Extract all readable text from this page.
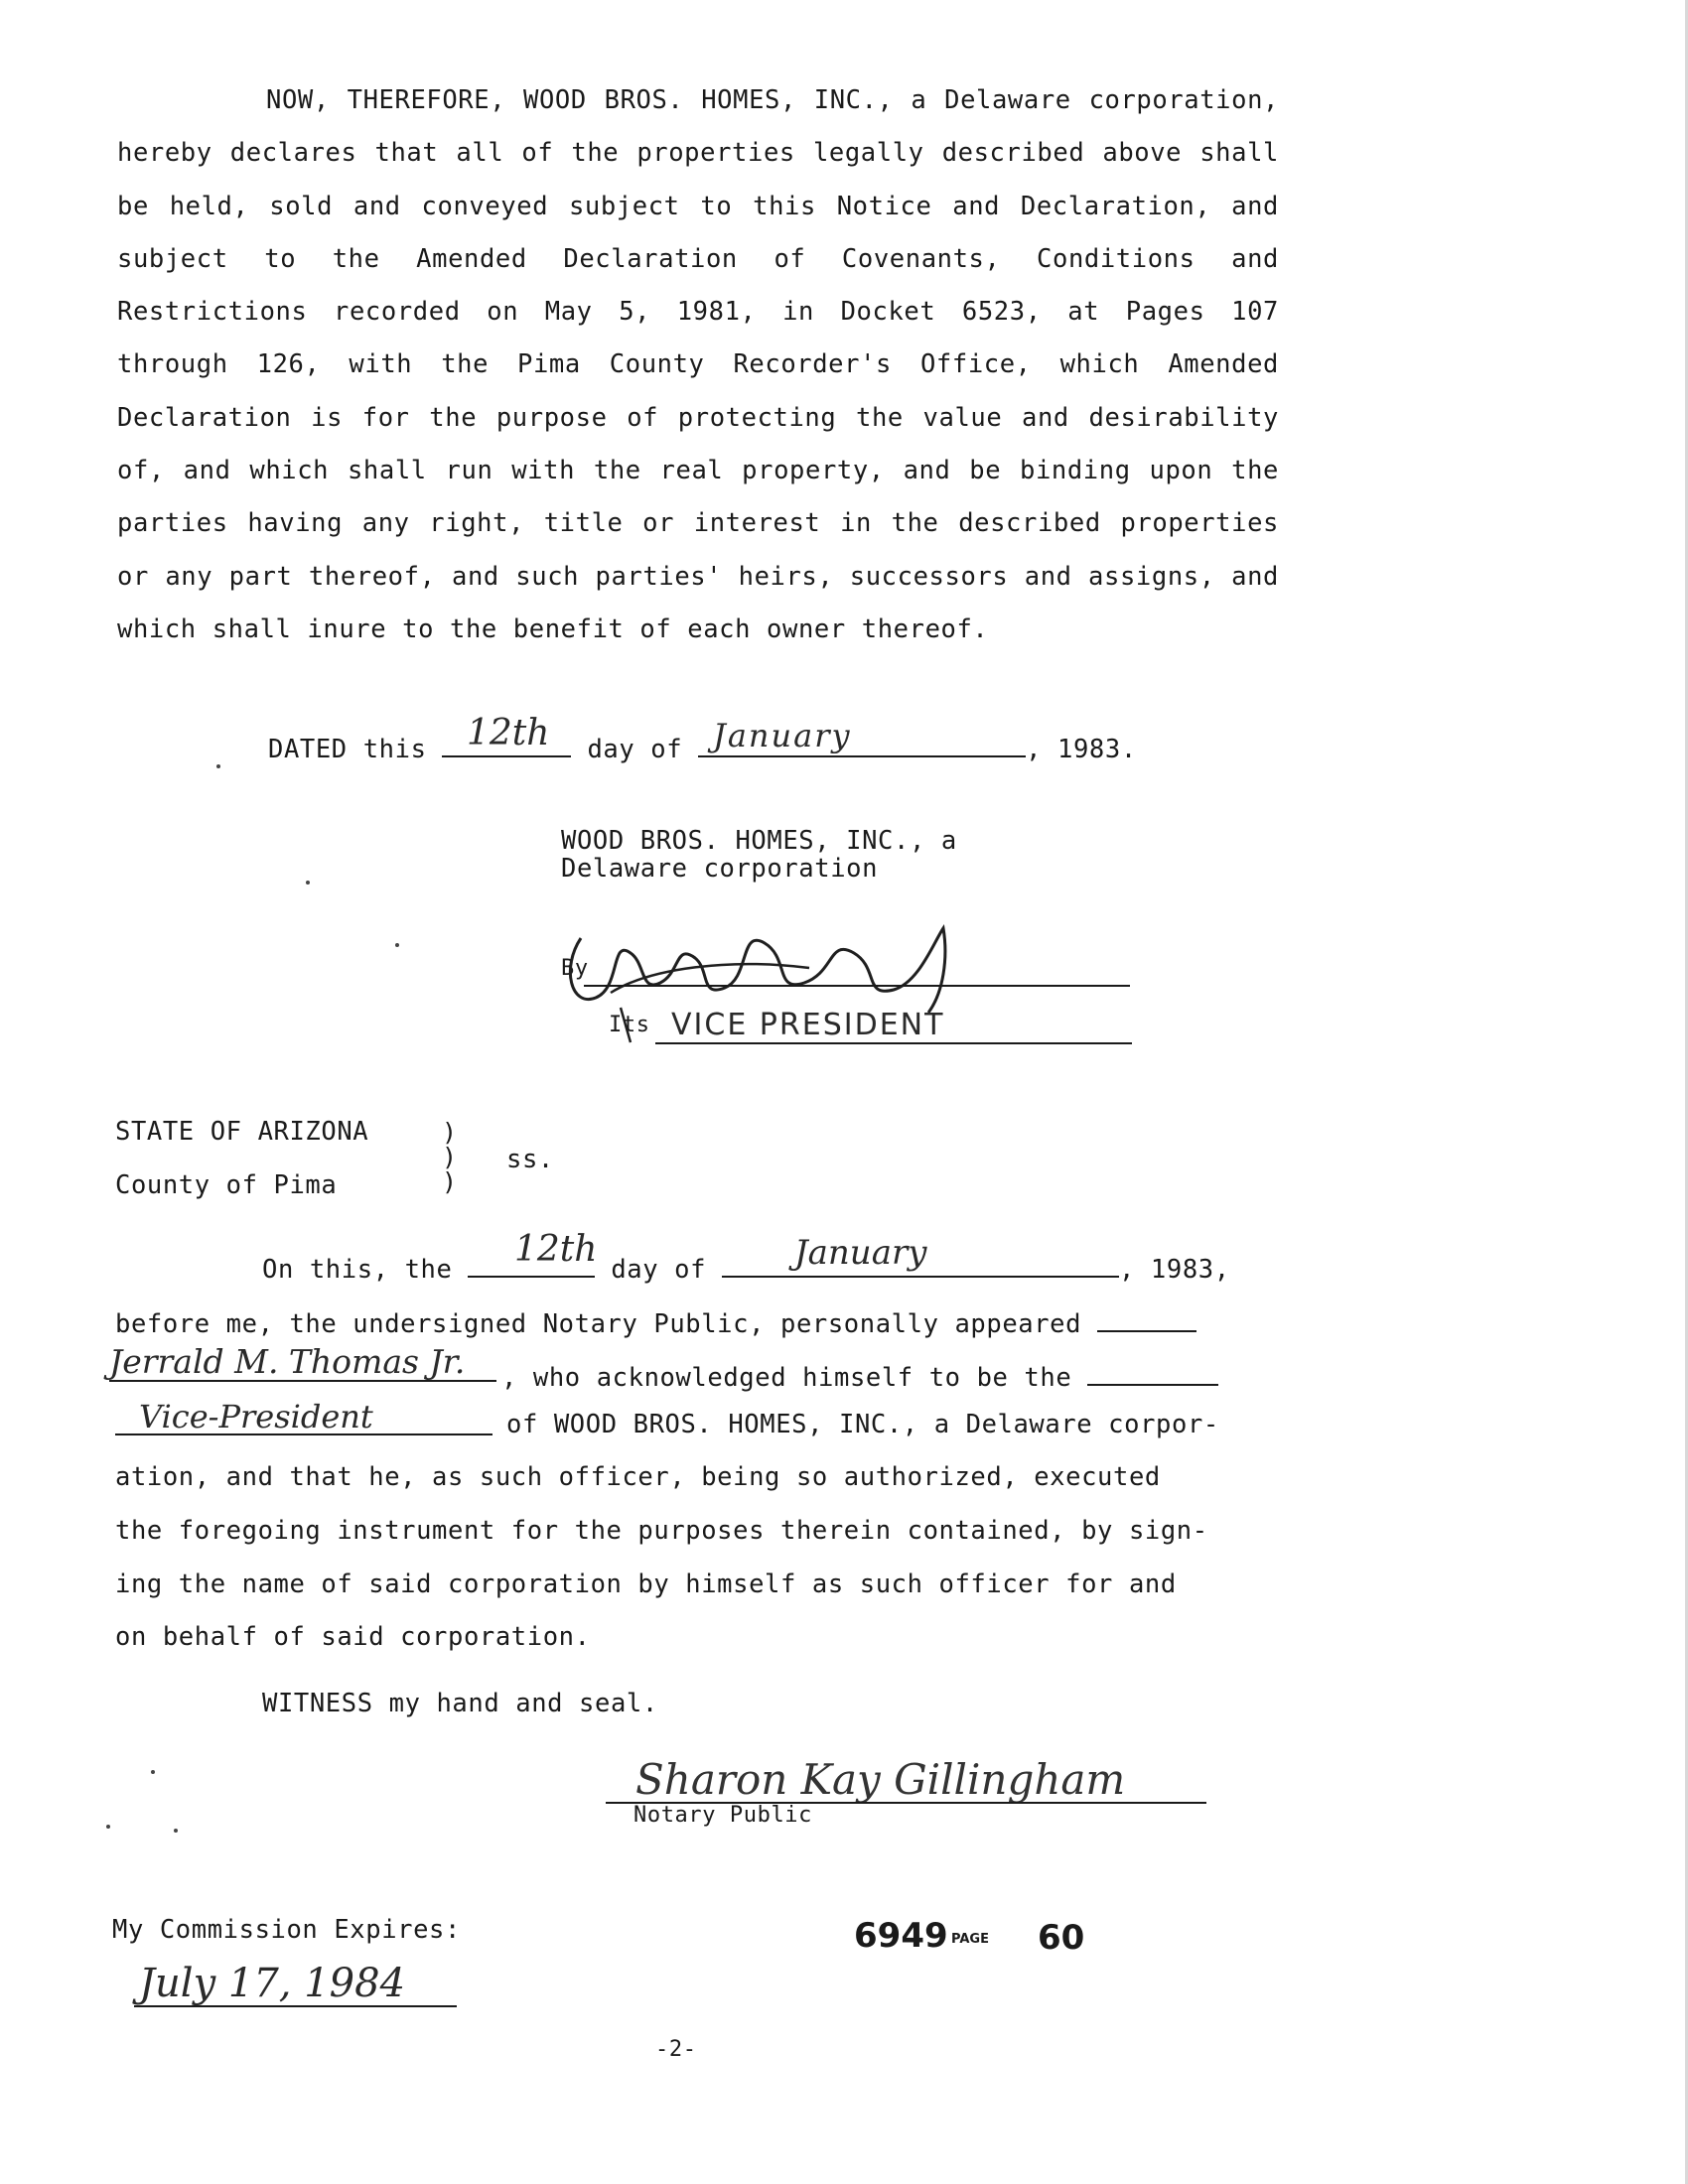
NOW, THEREFORE, WOOD BROS. HOMES, INC., a Delaware corporation, hereby declares that all of the properties legally described above shall be held, sold and conveyed subject to this Notice and Declaration, and subject to the Amended Declaration of Covenants, Conditions and Restrictions recorded on May 5, 1981, in Docket 6523, at Pages 107 through 126, with the Pima County Recorder's Office, which Amended Declaration is for the purpose of protecting the value and desirability of, and which shall run with the real property, and be binding upon the parties having any right, title or interest in the described properties or any part thereof, and such parties' heirs, successors and assigns, and which shall inure to the benefit of each owner thereof.
DATED this	day of	, 1983.
12th	January
WOOD BROS. HOMES, INC., a
Delaware corporation
By
Its VICE PRESIDENT
STATE OF ARIZONA
County of Pima
)
)
)
ss.
On this, the	day of	, 1983,
12th	January
before me, the undersigned Notary Public, personally appeared
Jerrald M. Thomas Jr. , who acknowledged himself to be the
Vice-President	of WOOD BROS. HOMES, INC., a Delaware corpor-
ation, and that he, as such officer, being so authorized, executed
the foregoing instrument for the purposes therein contained, by sign-
ing the name of said corporation by himself as such officer for and
on behalf of said corporation.
WITNESS my hand and seal.
Sharon Kay Gillingham
Notary Public
My Commission Expires:
July 17, 1984
6949 PAGE 60
-2-
